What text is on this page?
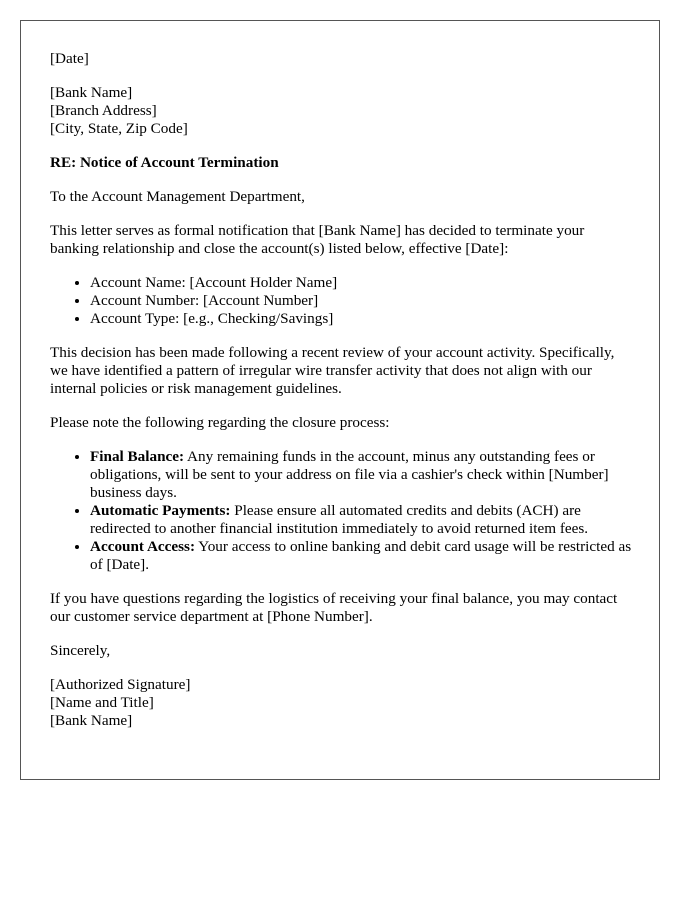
[Date]
[Bank Name]
[Branch Address]
[City, State, Zip Code]

RE: Notice of Account Termination

To the Account Management Department,

This letter serves as formal notification that [Bank Name] has decided to terminate your banking relationship and close the account(s) listed below, effective [Date]:

• Account Name: [Account Holder Name]
• Account Number: [Account Number]
• Account Type: [e.g., Checking/Savings]

This decision has been made following a recent review of your account activity. Specifically, we have identified a pattern of irregular wire transfer activity that does not align with our internal policies or risk management guidelines.

Please note the following regarding the closure process:

• Final Balance: Any remaining funds in the account, minus any outstanding fees or obligations, will be sent to your address on file via a cashier's check within [Number] business days.
• Automatic Payments: Please ensure all automated credits and debits (ACH) are redirected to another financial institution immediately to avoid returned item fees.
• Account Access: Your access to online banking and debit card usage will be restricted as of [Date].

If you have questions regarding the logistics of receiving your final balance, you may contact our customer service department at [Phone Number].

Sincerely,

[Authorized Signature]
[Name and Title]
[Bank Name]
